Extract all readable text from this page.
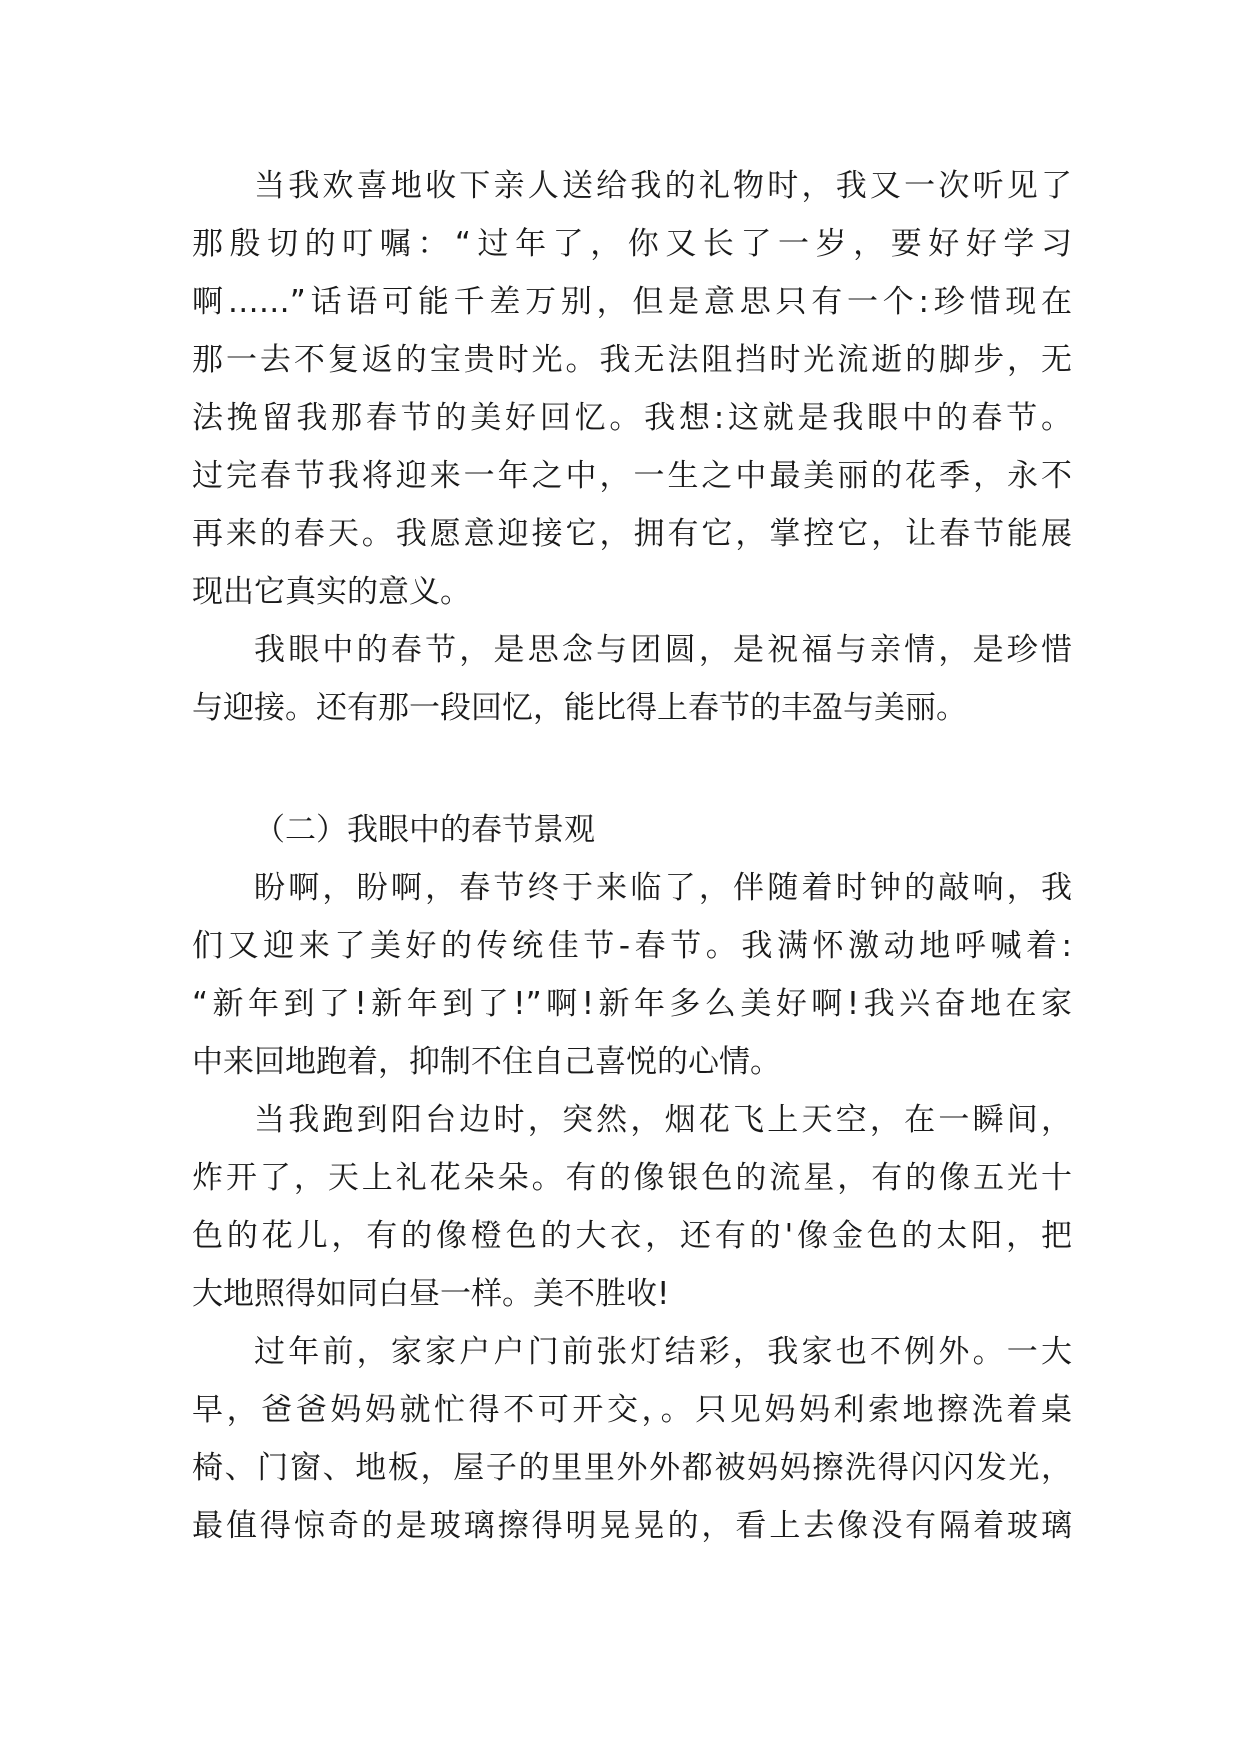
当我欢喜地收下亲人送给我的礼物时，我又一次听见了
那殷切的叮嘱：“过年了，你又长了一岁，要好好学习
啊……”话语可能千差万别，但是意思只有一个:珍惜现在
那一去不复返的宝贵时光。我无法阻挡时光流逝的脚步，无
法挽留我那春节的美好回忆。我想:这就是我眼中的春节。
过完春节我将迎来一年之中，一生之中最美丽的花季，永不
再来的春天。我愿意迎接它，拥有它，掌控它，让春节能展
现出它真实的意义。
我眼中的春节，是思念与团圆，是祝福与亲情，是珍惜
与迎接。还有那一段回忆，能比得上春节的丰盈与美丽。
（二）我眼中的春节景观
盼啊，盼啊，春节终于来临了，伴随着时钟的敲响，我
们又迎来了美好的传统佳节-春节。我满怀激动地呼喊着:
“新年到了!新年到了!”啊!新年多么美好啊!我兴奋地在家
中来回地跑着，抑制不住自己喜悦的心情。
当我跑到阳台边时，突然，烟花飞上天空，在一瞬间，
炸开了，天上礼花朵朵。有的像银色的流星，有的像五光十
色的花儿，有的像橙色的大衣，还有的'像金色的太阳，把
大地照得如同白昼一样。美不胜收!
过年前，家家户户门前张灯结彩，我家也不例外。一大
早，爸爸妈妈就忙得不可开交，。只见妈妈利索地擦洗着桌
椅、门窗、地板，屋子的里里外外都被妈妈擦洗得闪闪发光，
最值得惊奇的是玻璃擦得明晃晃的，看上去像没有隔着玻璃
